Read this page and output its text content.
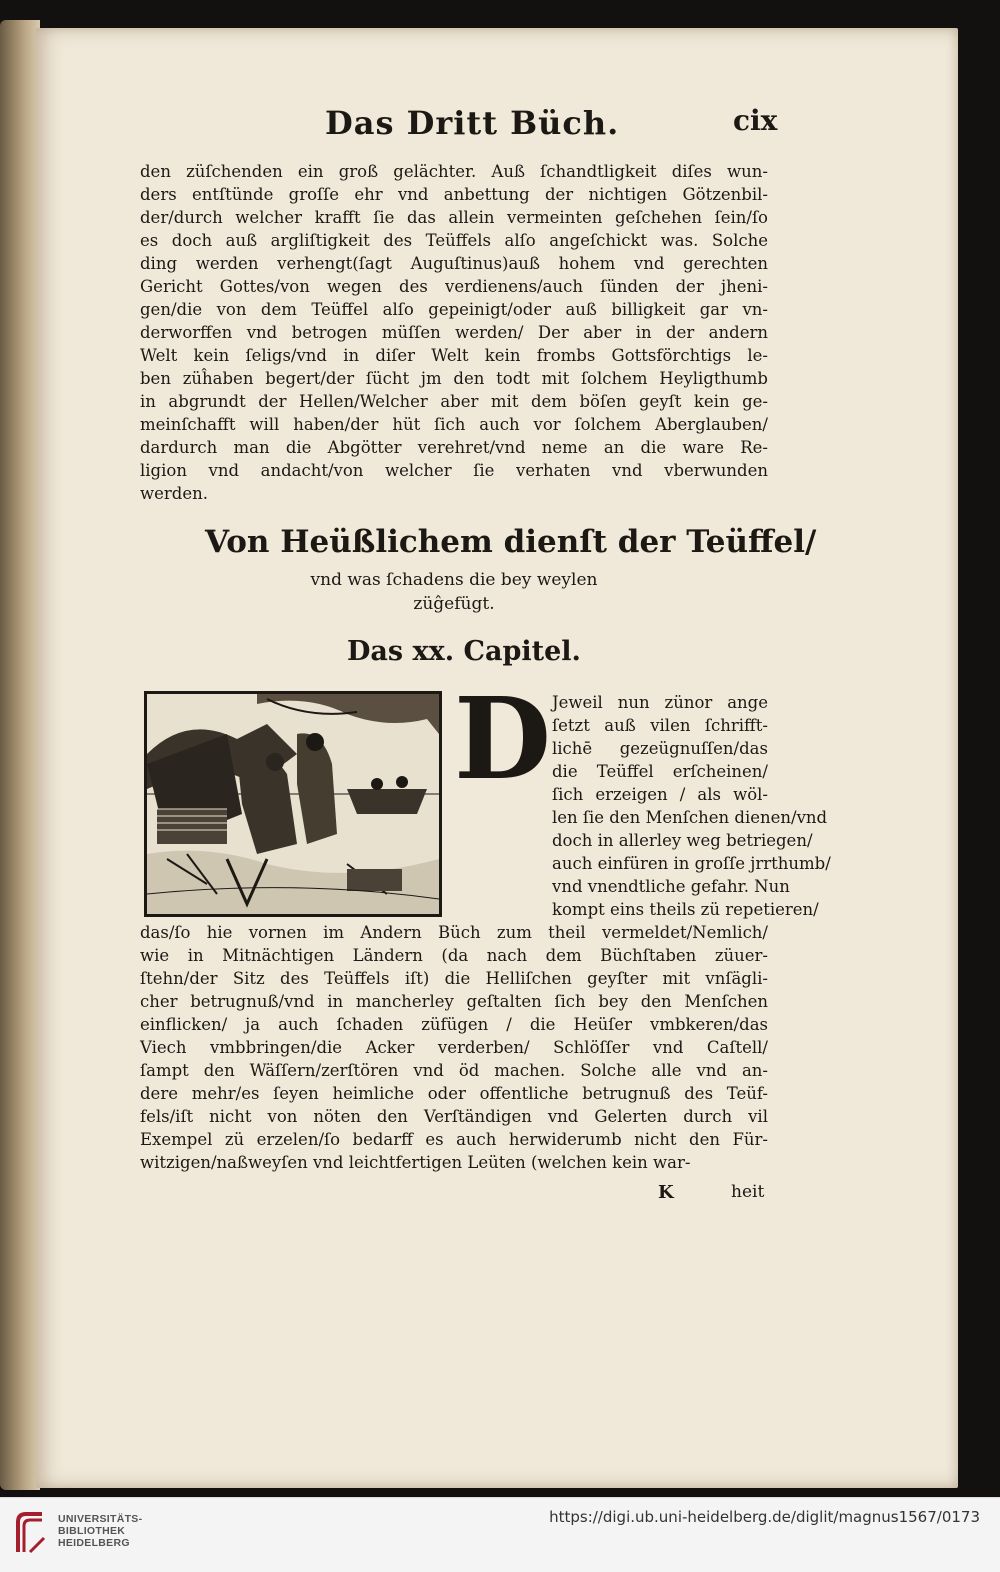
Das Dritt Büch.	cix
den züſchenden ein groß gelächter. Auß ſchandtligkeit diſes wun-
ders entſtünde groſſe ehr vnd anbettung der nichtigen Götzenbil-
der/durch welcher krafft ſie das allein vermeinten geſchehen ſein/ſo
es doch auß argliſtigkeit des Teüffels alſo angeſchickt was. Solche
ding werden verhengt(ſagt Auguſtinus)auß hohem vnd gerechten
Gericht Gottes/von wegen des verdienens/auch ſünden der jheni-
gen/die von dem Teüffel alſo gepeinigt/oder auß billigkeit gar vn-
derworffen vnd betrogen müſſen werden/ Der aber in der andern
Welt kein ſeligs/vnd in diſer Welt kein frombs Gottsförchtigs le-
ben züĥaben begert/der ſücht jm den todt mit ſolchem Heyligthumb
in abgrundt der Hellen/Welcher aber mit dem böſen geyſt kein ge-
meinſchafft will haben/der hüt ſich auch vor ſolchem Aberglauben/
dardurch man die Abgötter verehret/vnd neme an die ware Re-
ligion vnd andacht/von welcher ſie verhaten vnd vberwunden
werden.
Von Heüßlichem dienſt der Teüffel/
vnd was ſchadens die bey weylen
züĝefügt.
Das xx. Capitel.
D Jeweil nun zünor ange
ſetzt auß vilen ſchrifft-
lichē gezeügnuſſen/das
die Teüffel erſcheinen/
ſich erzeigen / als wöl-
len ſie den Menſchen dienen/vnd
doch in allerley weg betriegen/
auch einfüren in groſſe jrrthumb/
vnd vnendtliche gefahr. Nun
kompt eins theils zü repetieren/
das/ſo hie vornen im Andern Büch zum theil vermeldet/Nemlich/
wie in Mitnächtigen Ländern (da nach dem Büchſtaben züuer-
ſtehn/der Sitz des Teüffels iſt) die Helliſchen geyſter mit vnſägli-
cher betrugnuß/vnd in mancherley geſtalten ſich bey den Menſchen
einflicken/ ja auch ſchaden züfügen / die Heüſer vmbkeren/das
Viech vmbbringen/die Acker verderben/ Schlöſſer vnd Caſtell/
ſampt den Wäſſern/zerſtören vnd öd machen. Solche alle vnd an-
dere mehr/es ſeyen heimliche oder offentliche betrugnuß des Teüf-
fels/iſt nicht von nöten den Verſtändigen vnd Gelerten durch vil
Exempel zü erzelen/ſo bedarff es auch herwiderumb nicht den Für-
witzigen/naßweyſen vnd leichtfertigen Leüten (welchen kein war-
K	heit
UNIVERSITÄTS-
BIBLIOTHEK
HEIDELBERG
https://digi.ub.uni-heidelberg.de/diglit/magnus1567/0173
